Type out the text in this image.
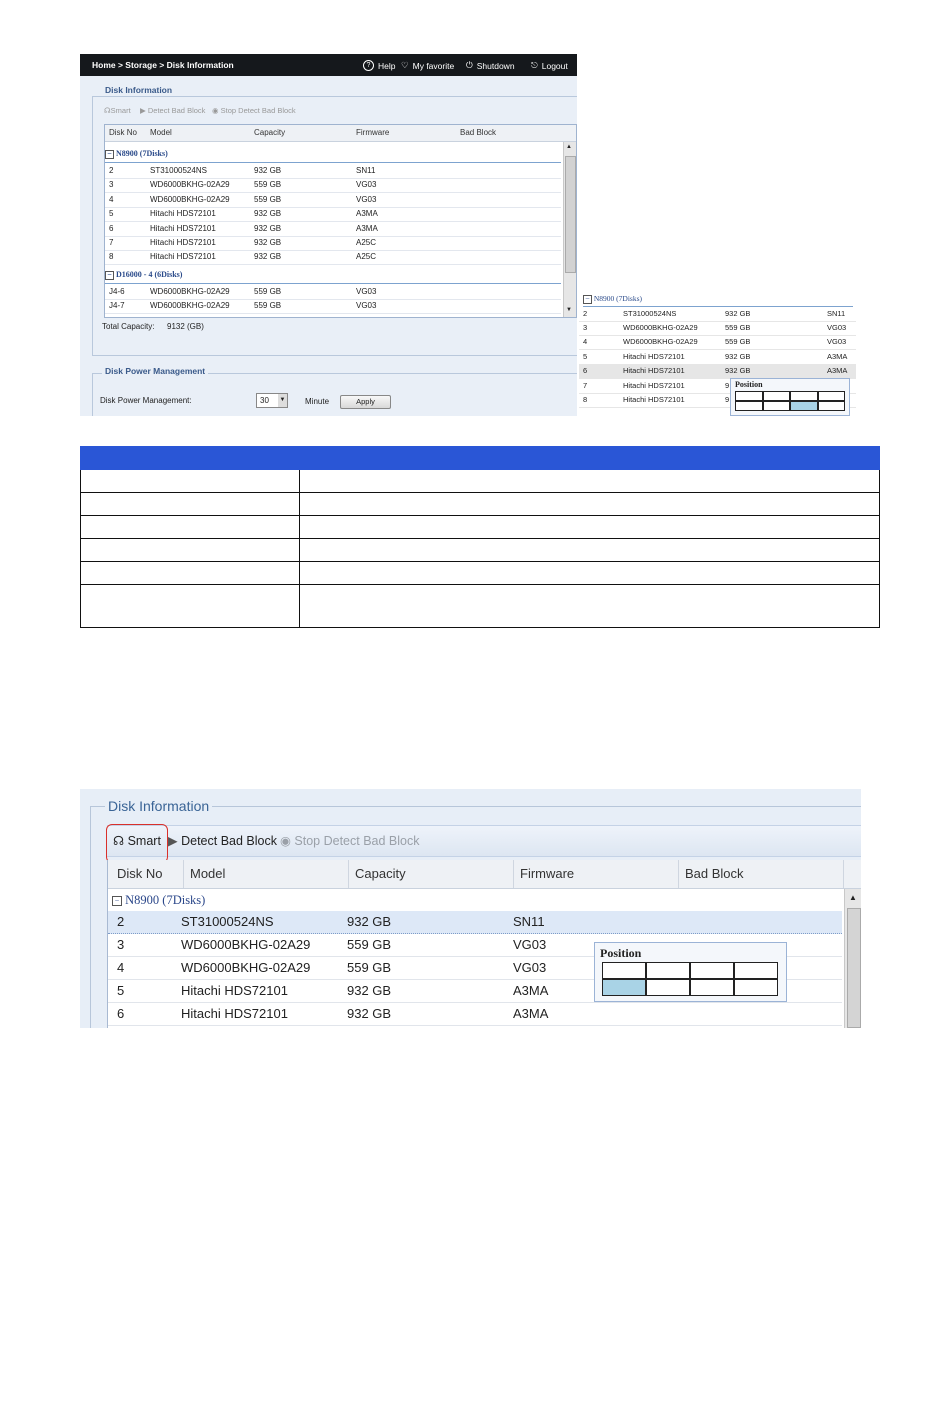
Home > Storage > Disk Information	? Help ♡ My favorite ⏻ Shutdown ⎋ Logout
Disk Information
☊Smart ▶ Detect Bad Block ◉ Stop Detect Bad Block
Disk No Model	Capacity	Firmware	Bad Block
− N8900 (7Disks)
2	ST31000524NS	932 GB	SN11
3	WD6000BKHG-02A29	559 GB	VG03
4	WD6000BKHG-02A29	559 GB	VG03
5	Hitachi HDS72101	932 GB	A3MA
6	Hitachi HDS72101	932 GB	A3MA
7	Hitachi HDS72101	932 GB	A25C
8	Hitachi HDS72101	932 GB	A25C
− D16000 - 4 (6Disks)
J4-6	WD6000BKHG-02A29	559 GB	VG03
J4-7	WD6000BKHG-02A29	559 GB	VG03
▲
▼
Total Capacity: 9132 (GB)
Disk Power Management
Disk Power Management:	30 ▼ Minute	Apply
− N8900 (7Disks)
2	ST31000524NS	932 GB	SN11
3	WD6000BKHG-02A29	559 GB	VG03
4	WD6000BKHG-02A29	559 GB	VG03
5	Hitachi HDS72101	932 GB	A3MA
6	Hitachi HDS72101	932 GB	A3MA
7	Hitachi HDS72101	9
8	Hitachi HDS72101	9
Position

Disk Information
☊ Smart ▶ Detect Bad Block ◉ Stop Detect Bad Block
Disk No	Model	Capacity	Firmware	Bad Block
− N8900 (7Disks)
2	ST31000524NS	932 GB	SN11
3	WD6000BKHG-02A29	559 GB	VG03
4	WD6000BKHG-02A29	559 GB	VG03
5	Hitachi HDS72101	932 GB	A3MA
6	Hitachi HDS72101	932 GB	A3MA
▲
Position
